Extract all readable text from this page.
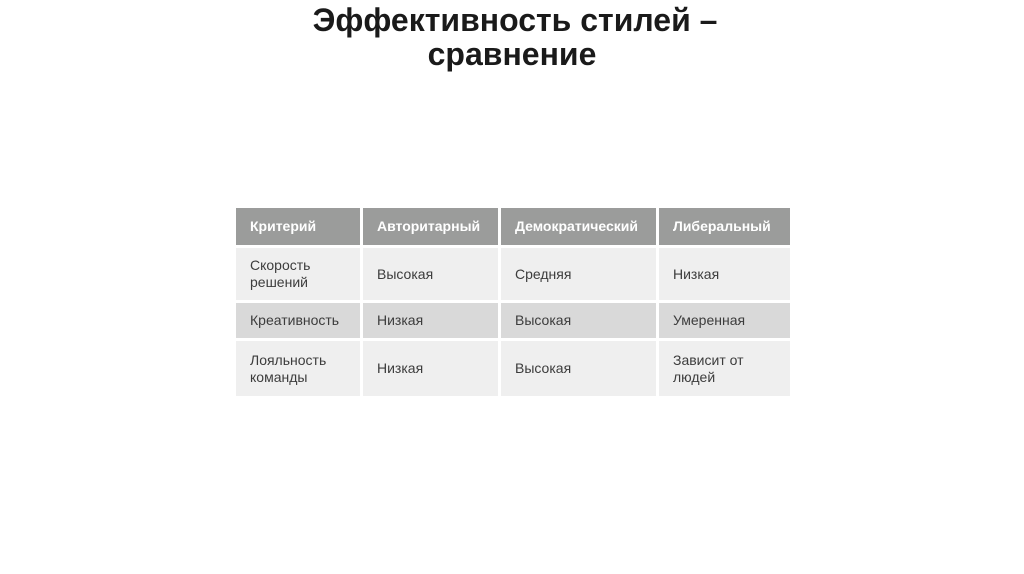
Эффективность стилей –
сравнение
Критерий	Авторитарный	Демократический	Либеральный
Скорость решений	Высокая	Средняя	Низкая
Креативность	Низкая	Высокая	Умеренная
Лояльность команды	Низкая	Высокая	Зависит от людей
